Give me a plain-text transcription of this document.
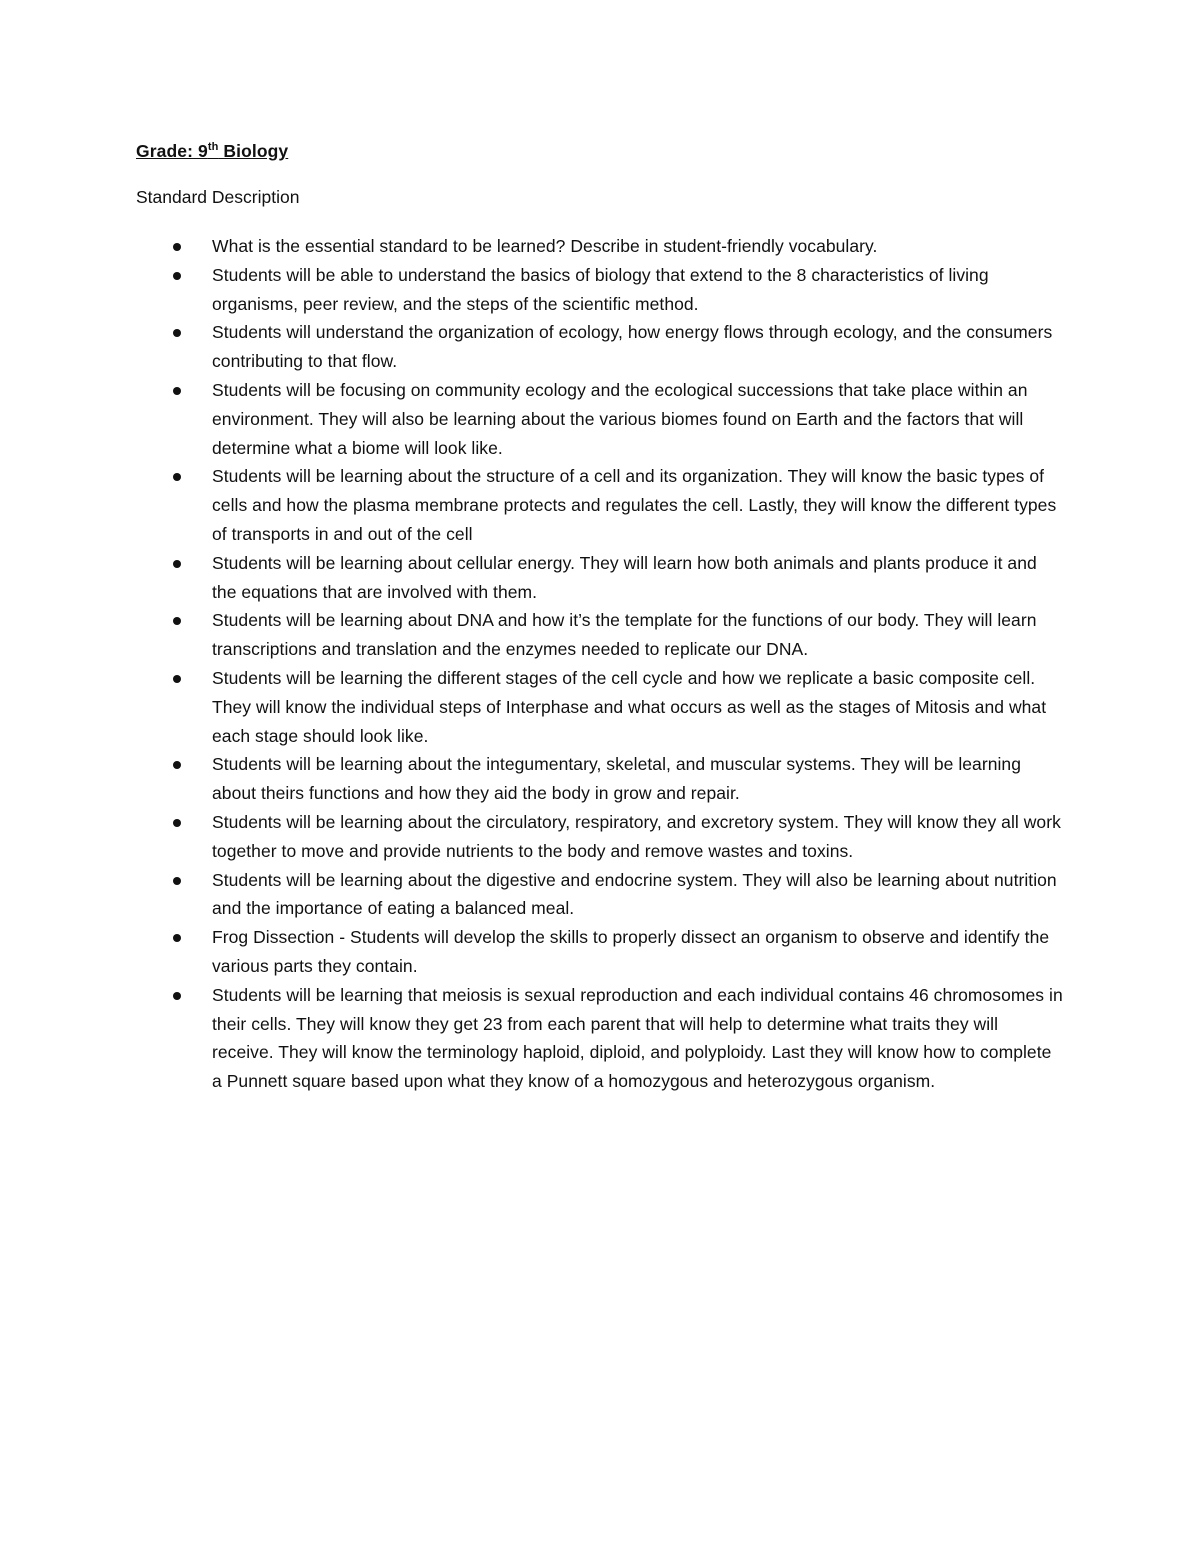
Grade: 9th Biology
Standard Description
What is the essential standard to be learned? Describe in student-friendly vocabulary.
Students will be able to understand the basics of biology that extend to the 8 characteristics of living organisms, peer review, and the steps of the scientific method.
Students will understand the organization of ecology, how energy flows through ecology, and the consumers contributing to that flow.
Students will be focusing on community ecology and the ecological successions that take place within an environment. They will also be learning about the various biomes found on Earth and the factors that will determine what a biome will look like.
Students will be learning about the structure of a cell and its organization. They will know the basic types of cells and how the plasma membrane protects and regulates the cell. Lastly, they will know the different types of transports in and out of the cell
Students will be learning about cellular energy. They will learn how both animals and plants produce it and the equations that are involved with them.
Students will be learning about DNA and how it’s the template for the functions of our body. They will learn transcriptions and translation and the enzymes needed to replicate our DNA.
Students will be learning the different stages of the cell cycle and how we replicate a basic composite cell. They will know the individual steps of Interphase and what occurs as well as the stages of Mitosis and what each stage should look like.
Students will be learning about the integumentary, skeletal, and muscular systems. They will be learning about theirs functions and how they aid the body in grow and repair.
Students will be learning about the circulatory, respiratory, and excretory system. They will know they all work together to move and provide nutrients to the body and remove wastes and toxins.
Students will be learning about the digestive and endocrine system. They will also be learning about nutrition and the importance of eating a balanced meal.
Frog Dissection - Students will develop the skills to properly dissect an organism to observe and identify the various parts they contain.
Students will be learning that meiosis is sexual reproduction and each individual contains 46 chromosomes in their cells. They will know they get 23 from each parent that will help to determine what traits they will receive. They will know the terminology haploid, diploid, and polyploidy. Last they will know how to complete a Punnett square based upon what they know of a homozygous and heterozygous organism.
